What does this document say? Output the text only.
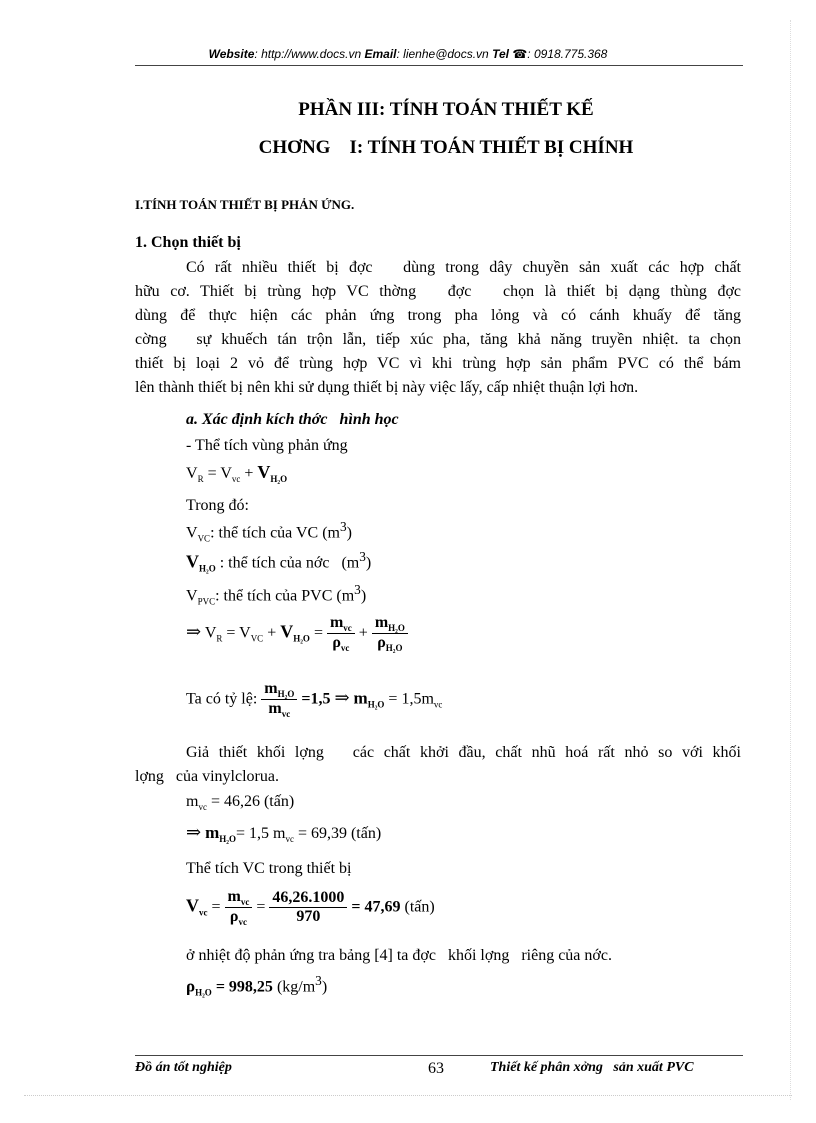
Website: http://www.docs.vn Email: lienhe@docs.vn Tel ☎: 0918.775.368
PHẦN III: TÍNH TOÁN THIẾT KẾ
CHƠNG    I: TÍNH TOÁN THIẾT BỊ CHÍNH
I.TÍNH TOÁN THIẾT BỊ PHẢN ỨNG.
1. Chọn thiết bị
Có rất nhiều thiết bị đợc   dùng trong dây chuyền sản xuất các hợp chất
hữu cơ. Thiết bị trùng hợp VC thờng   đợc   chọn là thiết bị dạng thùng đợc
dùng để thực hiện các phản ứng trong pha lỏng và có cánh khuấy để tăng
cờng   sự khuếch tán trộn lẫn, tiếp xúc pha, tăng khả năng truyền nhiệt. ta chọn
thiết bị loại 2 vỏ để trùng hợp VC vì khi trùng hợp sản phẩm PVC có thể bám
lên thành thiết bị nên khi sử dụng thiết bị này việc lấy, cấp nhiệt thuận lợi hơn.
a. Xác định kích thớc   hình học
- Thể tích vùng phản ứng
$V_R = V_{vc} + V_{H_2O}$
Trong đó:
$V_{VC}$: thể tích của VC $(m^3)$
$V_{H_2O}$ : thể tích của nớc   $(m^3)$
$V_{PVC}$: thể tích của PVC $(m^3)$
⇒ $V_R = V_{VC} + V_{H_2O} = \frac{m_{vc}}{\rho_{vc}} + \frac{m_{H_2O}}{\rho_{H_2O}}$
Ta có tỷ lệ: $\frac{m_{H_2O}}{m_{vc}} =1,5$ ⇒ $m_{H_2O} = 1,5m_{vc}$
Giả thiết khối lợng   các chất khởi đầu, chất nhũ hoá rất nhỏ so với khối
lợng   của vinylclorua.
$m_{vc} = 46,26$ (tấn)
⇒ $m_{H_2O}= 1,5$ $m_{vc} = 69,39$ (tấn)
Thể tích VC trong thiết bị
$V_{vc} = \frac{m_{vc}}{\rho_{vc}} = \frac{46,26.1000}{970} = 47,69$ (tấn)
ở nhiệt độ phản ứng tra bảng [4] ta đợc   khối lợng   riêng của nớc.
$\rho_{H_2O} = 998,25$ $(kg/m^3)$
Đồ án tốt nghiệp	63	Thiết kế phân xởng   sản xuất PVC
